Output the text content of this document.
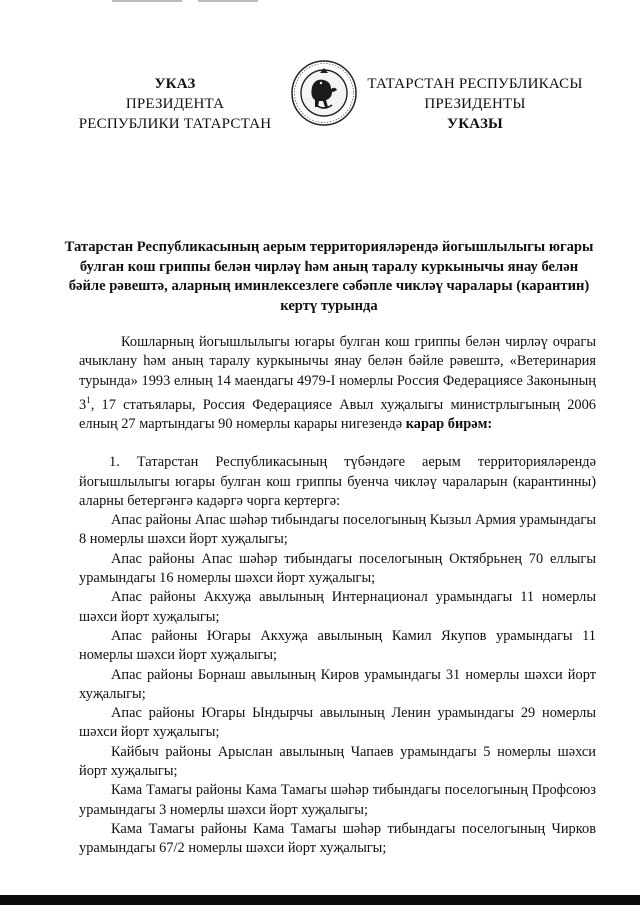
УКАЗ
ПРЕЗИДЕНТА
РЕСПУБЛИКИ ТАТАРСТАН
ТАТАРСТАН РЕСПУБЛИКАСЫ
ПРЕЗИДЕНТЫ
УКАЗЫ
Татарстан Республикасының аерым территорияләрендә йогышлылыгы югары булган кош гриппы белән чирләү һәм аның таралу куркынычы янау белән бәйле рәвештә, аларның иминлексезлеге сәбәпле чикләү чаралары (карантин) кертү турында

Кошларның йогышлылыгы югары булган кош гриппы белән чирләү очрагы ачыклану һәм аның таралу куркынычы янау белән бәйле рәвештә, «Ветеринария турында» 1993 елның 14 маендагы 4979-I номерлы Россия Федерациясе Законының $3^1$, 17 статьялары, Россия Федерациясе Авыл хуҗалыгы министрлыгының 2006 елның 27 мартындагы 90 номерлы карары нигезендә карар бирәм:

1. Татарстан Республикасының түбәндәге аерым территорияләрендә йогышлылыгы югары булган кош гриппы буенча чикләү чараларын (карантинны) аларны бетергәнгә кадәргә чорга кертергә:

Апас районы Апас шәһәр тибындагы поселогының Кызыл Армия урамындагы 8 номерлы шәхси йорт хуҗалыгы;

Апас районы Апас шәһәр тибындагы поселогының Октябрьнең 70 еллыгы урамындагы 16 номерлы шәхси йорт хуҗалыгы;

Апас районы Акхуҗа авылының Интернационал урамындагы 11 номерлы шәхси йорт хуҗалыгы;

Апас районы Югары Акхуҗа авылының Камил Якупов урамындагы 11 номерлы шәхси йорт хуҗалыгы;

Апас районы Борнаш авылының Киров урамындагы 31 номерлы шәхси йорт хуҗалыгы;

Апас районы Югары Ындырчы авылының Ленин урамындагы 29 номерлы шәхси йорт хуҗалыгы;

Кайбыч районы Арыслан авылының Чапаев урамындагы 5 номерлы шәхси йорт хуҗалыгы;

Кама Тамагы районы Кама Тамагы шәһәр тибындагы поселогының Профсоюз урамындагы 3 номерлы шәхси йорт хуҗалыгы;

Кама Тамагы районы Кама Тамагы шәһәр тибындагы поселогының Чирков урамындагы 67/2 номерлы шәхси йорт хуҗалыгы;
